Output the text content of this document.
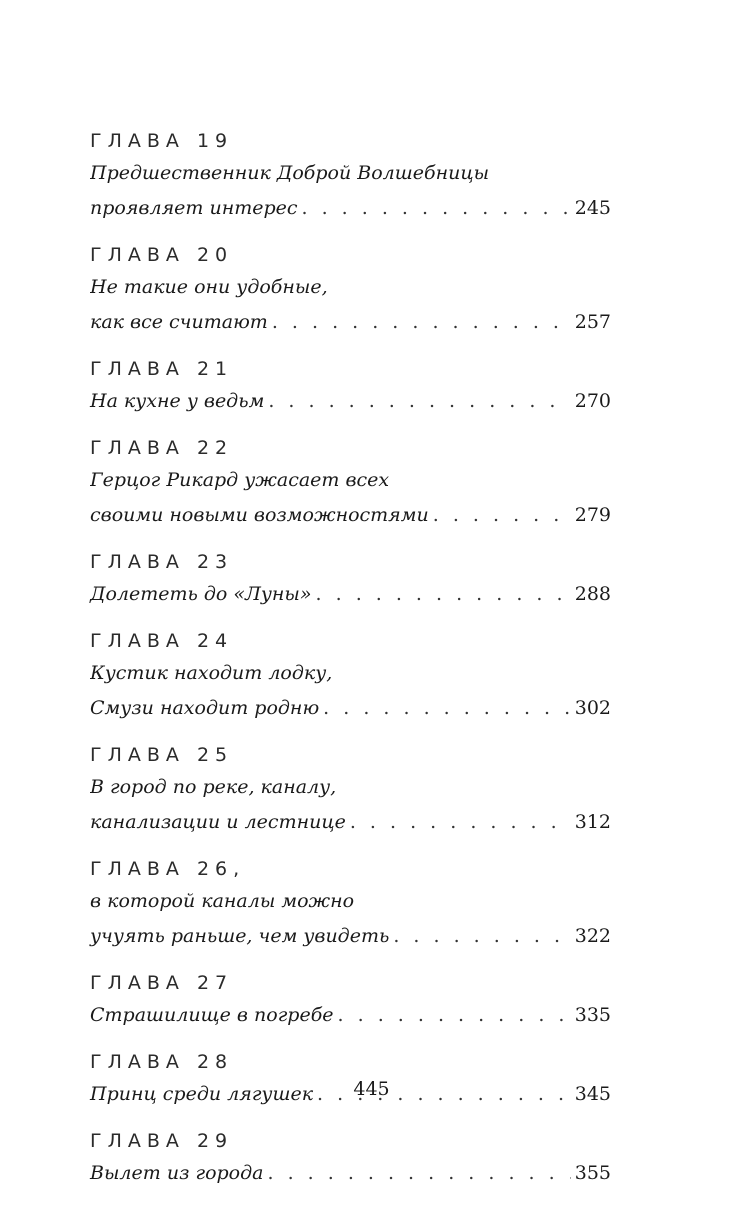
ГЛАВА 19
Предшественник Доброй Волшебницы
проявляет интерес . . .	245
ГЛАВА 20
Не такие они удобные,
как все считают . . .	257
ГЛАВА 21
На кухне у ведьм . . .	270
ГЛАВА 22
Герцог Рикард ужасает всех
своими новыми возможностями . . .	279
ГЛАВА 23
Долететь до «Луны» . . .	288
ГЛАВА 24
Кустик находит лодку,
Смузи находит родню . . .	302
ГЛАВА 25
В город по реке, каналу,
канализации и лестнице . . .	312
ГЛАВА 26,
в которой каналы можно
учуять раньше, чем увидеть . . .	322
ГЛАВА 27
Страшилище в погребе . . .	335
ГЛАВА 28
Принц среди лягушек . . .	345
ГЛАВА 29
Вылет из города . . .	355
445
